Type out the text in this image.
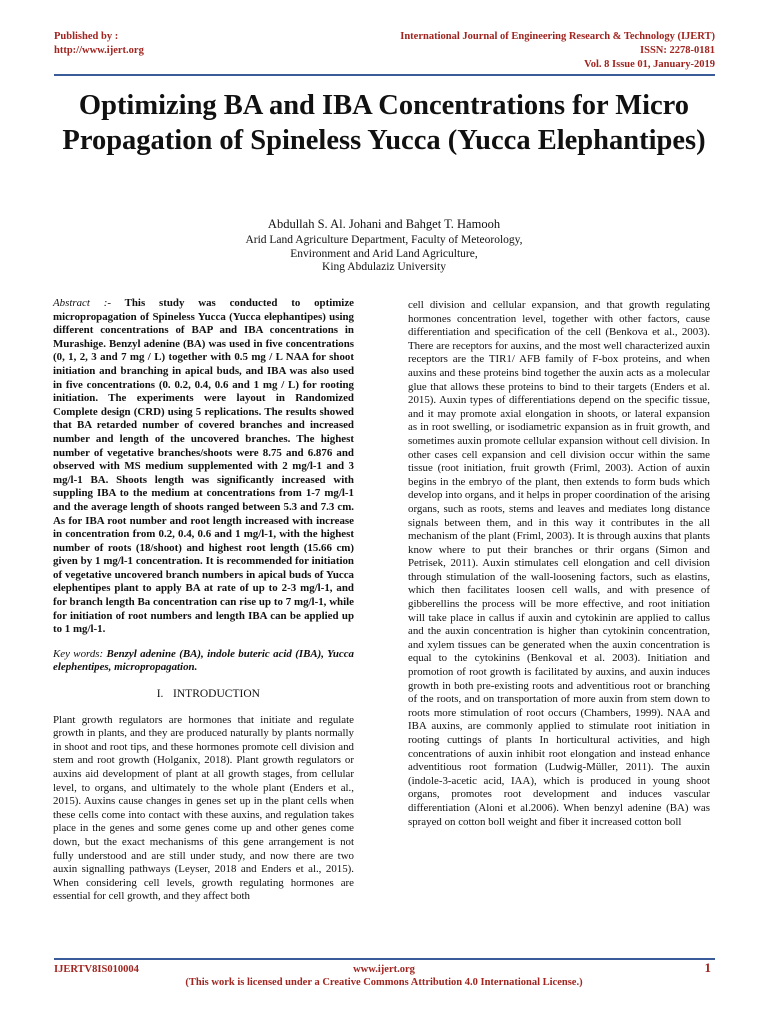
Published by :
http://www.ijert.org
International Journal of Engineering Research & Technology (IJERT)
ISSN: 2278-0181
Vol. 8 Issue 01, January-2019
Optimizing BA and IBA Concentrations for Micro Propagation of Spineless Yucca (Yucca Elephantipes)
Abdullah S. Al. Johani and Bahget T. Hamooh
Arid Land Agriculture Department, Faculty of Meteorology,
Environment and Arid Land Agriculture,
King Abdulaziz University

Abstract :- This study was conducted to optimize micropropagation of Spineless Yucca (Yucca elephantipes) using different concentrations of BAP and IBA concentrations in Murashige. Benzyl adenine (BA) was used in five concentrations (0, 1, 2, 3 and 7 mg / L) together with 0.5 mg / L NAA for shoot initiation and branching in apical buds, and IBA was also used in five concentrations (0. 0.2, 0.4, 0.6 and 1 mg / L) for rooting initiation. The experiments were layout in Randomized Complete design (CRD) using 5 replications. The results showed that BA retarded number of covered branches and increased number and length of the uncovered branches. The highest number of vegetative branches/shoots were 8.75 and 6.876 and observed with MS medium supplemented with 2 mg/l-1 and 3 mg/l-1 BA. Shoots length was significantly increased with suppling IBA to the medium at concentrations from 1-7 mg/l-1 and the average length of shoots ranged between 5.3 and 7.3 cm. As for IBA root number and root length increased with increase in concentration from 0.2, 0.4, 0.6 and 1 mg/l-1, with the highest number of roots (18/shoot) and highest root length (15.66 cm) given by 1 mg/l-1 concentration. It is recommended for initiation of vegetative uncovered branch numbers in apical buds of Yucca elephentipes plant to apply BA at rate of up to 2-3 mg/l-1, and for branch length Ba concentration can rise up to 7 mg/l-1, while for initiation of root numbers and length IBA can be applied up to 1 mg/l-1.

Key words: Benzyl adenine (BA), indole buteric acid (IBA), Yucca elephentipes, micropropagation.

I. INTRODUCTION

Plant growth regulators are hormones that initiate and regulate growth in plants, and they are produced naturally by plants normally in shoot and root tips, and these hormones promote cell division and stem and root growth (Holganix, 2018). Plant growth regulators or auxins aid development of plant at all growth stages, from cellular level, to organs, and ultimately to the whole plant (Enders et al., 2015). Auxins cause changes in genes set up in the plant cells when these cells come into contact with these auxins, and regulation takes place in the genes and some genes come up and other genes come down, but the exact mechanisms of this gene arrangement is not fully understood and are still under study, and now there are two auxin signalling pathways (Leyser, 2018 and Enders et al., 2015). When considering cell levels, growth regulating hormones are essential for cell growth, and they affect both

cell division and cellular expansion, and that growth regulating hormones concentration level, together with other factors, cause differentiation and specification of the cell (Benkova et al., 2003). There are receptors for auxins, and the most well characterized auxin receptors are the TIR1/ AFB family of F-box proteins, and when auxins and these proteins bind together the auxin acts as a molecular glue that allows these proteins to bind to their targets (Enders et al. 2015). Auxin types of differentiations depend on the specific tissue, and it may promote axial elongation in shoots, or lateral expansion as in root swelling, or isodiametric expansion as in fruit growth, and sometimes auxin promote cellular expansion without cell division. In other cases cell expansion and cell division occur within the same tissue (root initiation, fruit growth (Friml, 2003). Action of auxin begins in the embryo of the plant, then extends to form buds which develop into organs, and it helps in proper coordination of the arising organs, such as roots, stems and leaves and mediates long distance signals between them, and in this way it contributes in the all mechanism of the plant (Friml, 2003). It is through auxins that plants know where to put their branches or thrir organs (Simon and Petrisek, 2011). Auxin stimulates cell elongation and cell division through stimulation of the wall-loosening factors, such as elastins, which then facilitates loosen cell walls, and with presence of gibberellins the process will be more effective, and root initiation will take place in callus if auxin and cytokinin are applied to callus and the auxin concentration is higher than cytokinin concentration, and xylem tissues can be generated when the auxin concentration is equal to the cytokinins (Benkoval et al. 2003). Initiation and promotion of root growth is facilitated by auxins, and auxin induces growth in both pre-existing roots and adventitious root or branching of the roots, and on transportation of more auxin from stem down to roots more stimulation of root occurs (Chambers, 1999). NAA and IBA auxins, are commonly applied to stimulate root initiation in rooting cuttings of plants In horticultural activities, and high concentrations of auxin inhibit root elongation and instead enhance adventitious root formation (Ludwig-Müller, 2011). The auxin (indole-3-acetic acid, IAA), which is produced in young shoot organs, promotes root development and induces vascular differentiation (Aloni et al.2006). When benzyl adenine (BA) was sprayed on cotton boll weight and fiber it increased cotton boll

IJERTV8IS010004	www.ijert.org
(This work is licensed under a Creative Commons Attribution 4.0 International License.)
1
